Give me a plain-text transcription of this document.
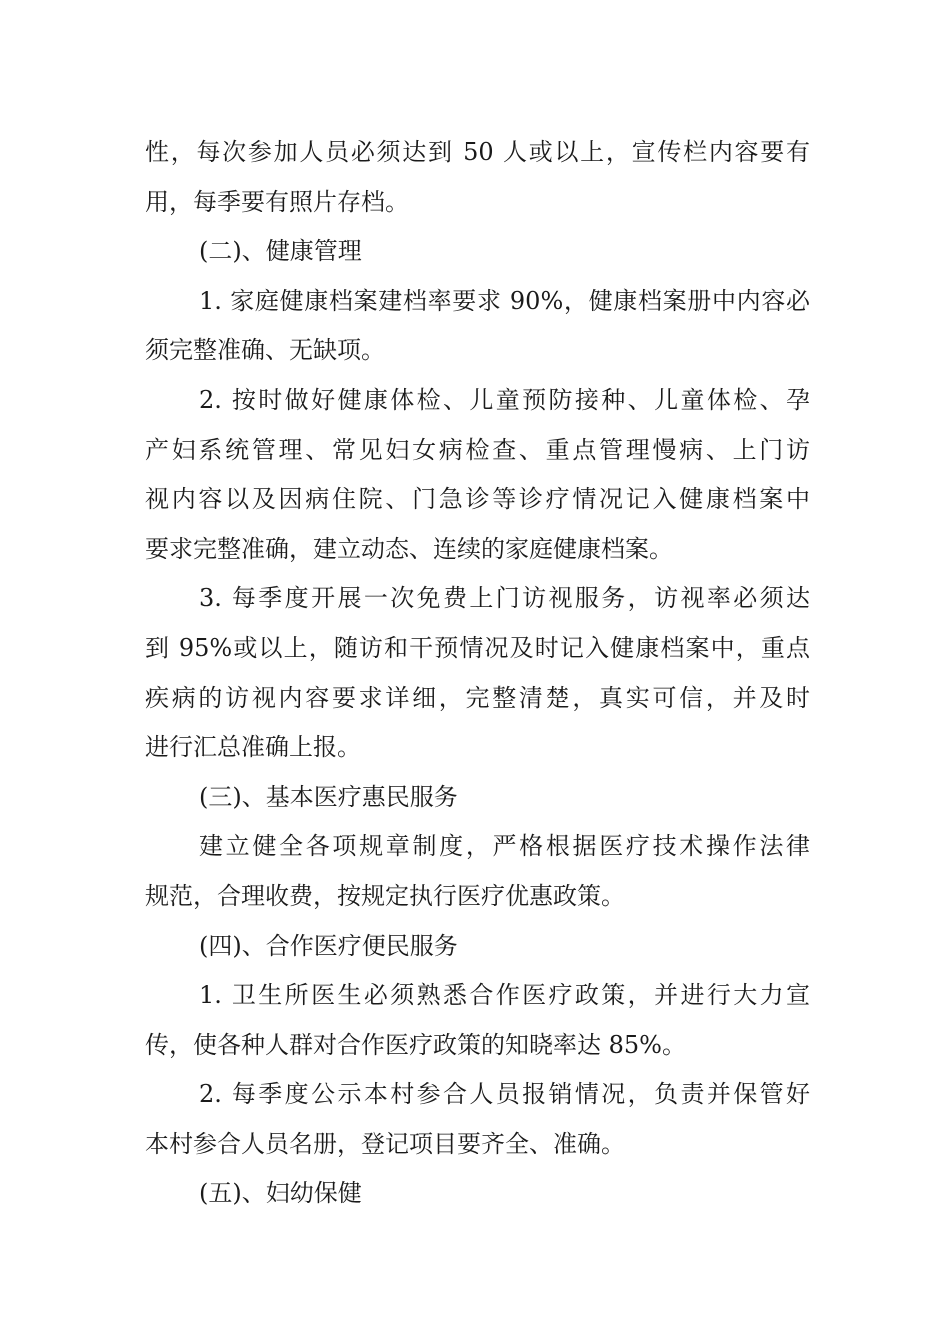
性，每次参加人员必须达到 50 人或以上，宣传栏内容要有
用，每季要有照片存档。
(二)、健康管理
1. 家庭健康档案建档率要求 90%，健康档案册中内容必
须完整准确、无缺项。
2. 按时做好健康体检、儿童预防接种、儿童体检、孕
产妇系统管理、常见妇女病检查、重点管理慢病、上门访
视内容以及因病住院、门急诊等诊疗情况记入健康档案中
要求完整准确，建立动态、连续的家庭健康档案。
3. 每季度开展一次免费上门访视服务，访视率必须达
到 95%或以上，随访和干预情况及时记入健康档案中，重点
疾病的访视内容要求详细，完整清楚，真实可信，并及时
进行汇总准确上报。
(三)、基本医疗惠民服务
建立健全各项规章制度，严格根据医疗技术操作法律
规范，合理收费，按规定执行医疗优惠政策。
(四)、合作医疗便民服务
1. 卫生所医生必须熟悉合作医疗政策，并进行大力宣
传，使各种人群对合作医疗政策的知晓率达 85%。
2. 每季度公示本村参合人员报销情况，负责并保管好
本村参合人员名册，登记项目要齐全、准确。
(五)、妇幼保健
